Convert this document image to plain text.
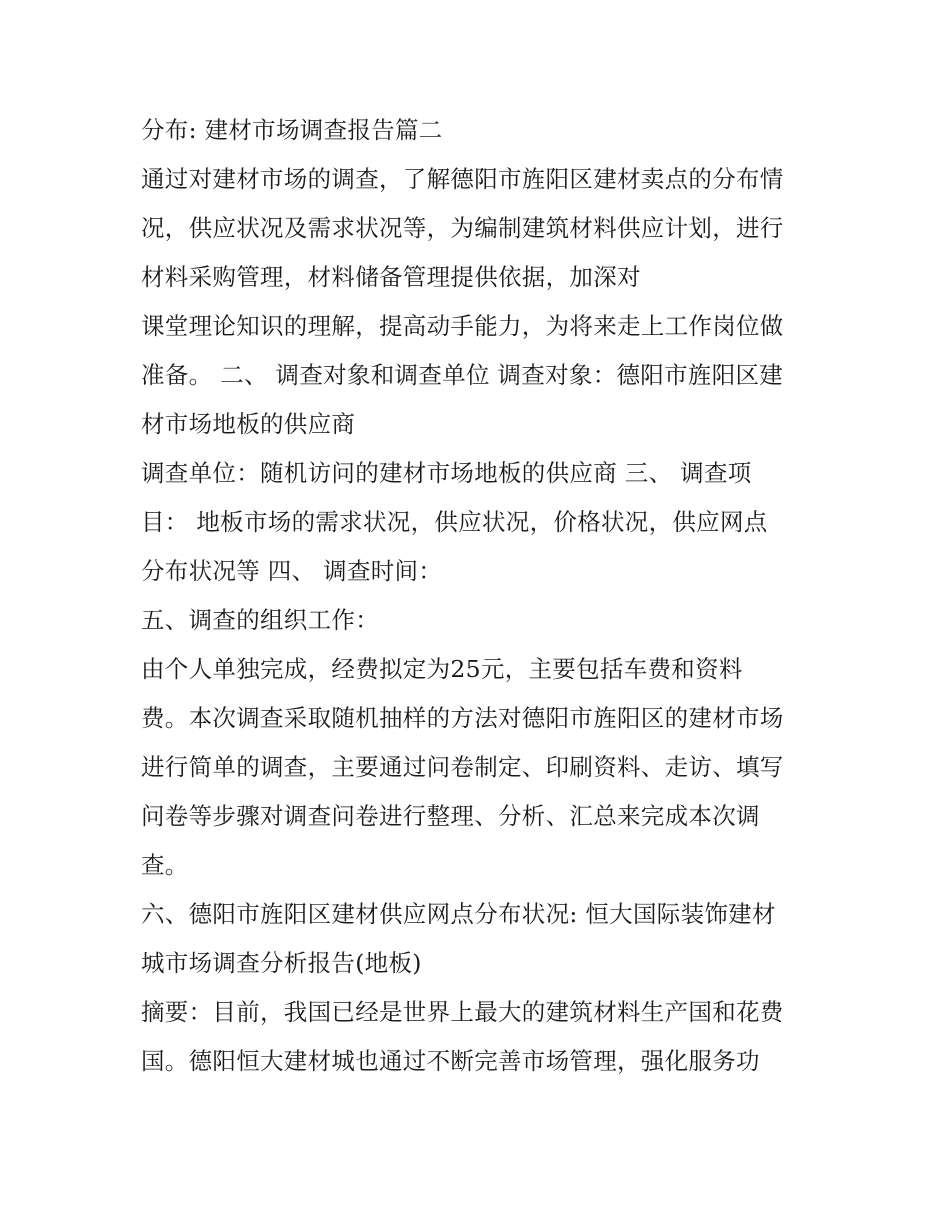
分布: 建材市场调查报告篇二
通过对建材市场的调查，了解德阳市旌阳区建材卖点的分布情
况，供应状况及需求状况等，为编制建筑材料供应计划，进行
材料采购管理，材料储备管理提供依据，加深对
课堂理论知识的理解，提高动手能力，为将来走上工作岗位做
准备。 二、 调查对象和调查单位 调查对象：德阳市旌阳区建
材市场地板的供应商
调查单位：随机访问的建材市场地板的供应商 三、 调查项
目： 地板市场的需求状况，供应状况，价格状况，供应网点
分布状况等 四、 调查时间：
五、调查的组织工作：
由个人单独完成，经费拟定为25元，主要包括车费和资料
费。本次调查采取随机抽样的方法对德阳市旌阳区的建材市场
进行简单的调查，主要通过问卷制定、印刷资料、走访、填写
问卷等步骤对调查问卷进行整理、分析、汇总来完成本次调
查。
六、德阳市旌阳区建材供应网点分布状况: 恒大国际装饰建材
城市场调查分析报告(地板)
摘要：目前，我国已经是世界上最大的建筑材料生产国和花费
国。德阳恒大建材城也通过不断完善市场管理，强化服务功
